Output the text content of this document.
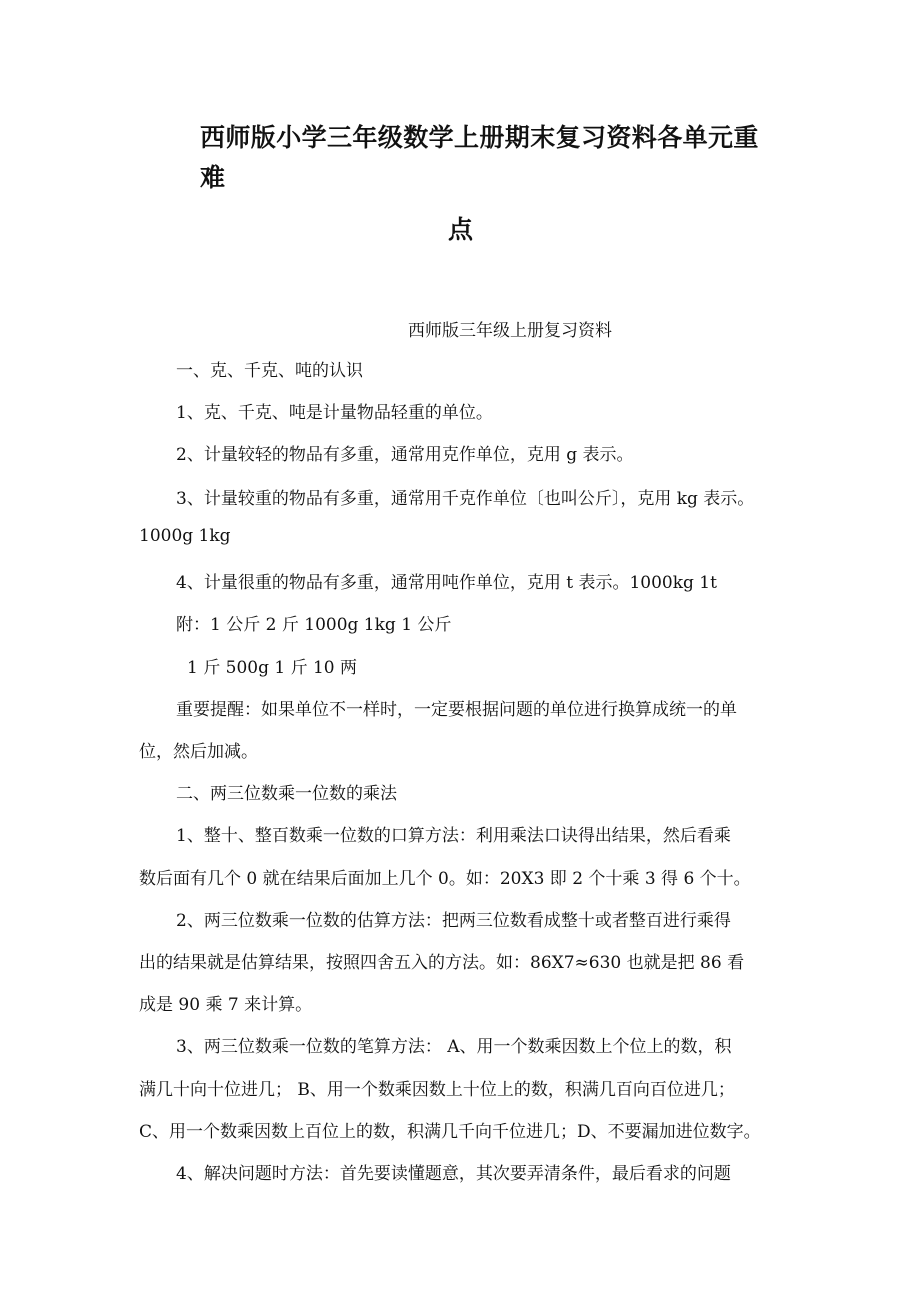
西师版小学三年级数学上册期末复习资料各单元重难
点
西师版三年级上册复习资料
一、克、千克、吨的认识
1、克、千克、吨是计量物品轻重的单位。
2、计量较轻的物品有多重，通常用克作单位，克用 g 表示。
3、计量较重的物品有多重，通常用千克作单位〔也叫公斤〕，克用 kg 表示。
1000g 1kg
4、计量很重的物品有多重，通常用吨作单位，克用 t 表示。1000kg 1t
附：1 公斤 2 斤 1000g 1kg 1 公斤
1 斤 500g 1 斤 10 两
重要提醒：如果单位不一样时，一定要根据问题的单位进行换算成统一的单
位，然后加减。
二、两三位数乘一位数的乘法
1、整十、整百数乘一位数的口算方法：利用乘法口诀得出结果，然后看乘
数后面有几个 0 就在结果后面加上几个 0。如：20X3 即 2 个十乘 3 得 6 个十。
2、两三位数乘一位数的估算方法：把两三位数看成整十或者整百进行乘得
出的结果就是估算结果，按照四舍五入的方法。如：86X7≈630 也就是把 86 看
成是 90 乘 7 来计算。
3、两三位数乘一位数的笔算方法： A、用一个数乘因数上个位上的数，积
满几十向十位进几； B、用一个数乘因数上十位上的数，积满几百向百位进几；
C、用一个数乘因数上百位上的数，积满几千向千位进几；D、不要漏加进位数字。
4、解决问题时方法：首先要读懂题意，其次要弄清条件，最后看求的问题
